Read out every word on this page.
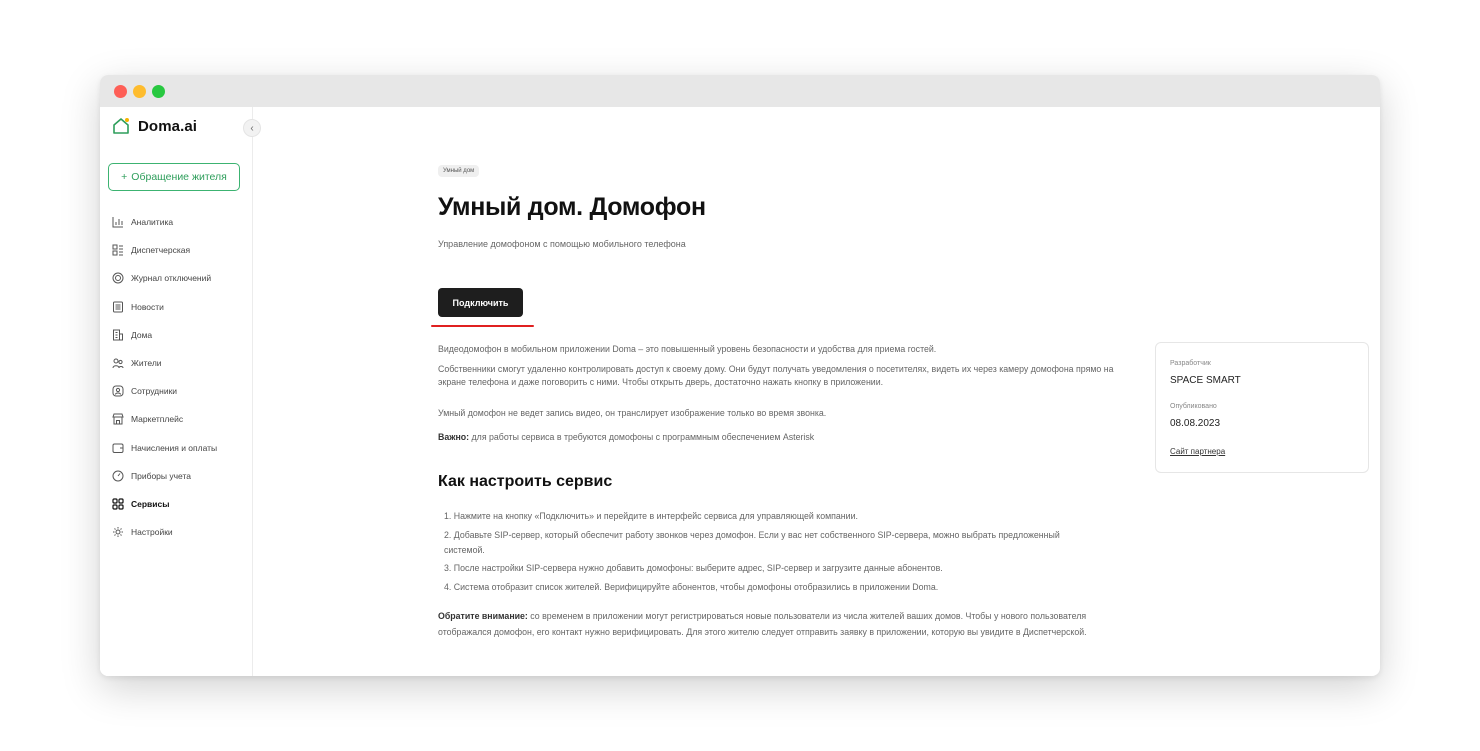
Doma.ai	‹
+ Обращение жителя
Аналитика
Диспетчерская
Журнал отключений
Новости
Дома
Жители
Сотрудники
Маркетплейс
Начисления и оплаты
Приборы учета
Сервисы
Настройки
Умный дом
Умный дом. Домофон
Управление домофоном с помощью мобильного телефона
Подключить

Видеодомофон в мобильном приложении Doma – это повышенный уровень безопасности и удобства для приема гостей.

Собственники смогут удаленно контролировать доступ к своему дому. Они будут получать уведомления о посетителях, видеть их через камеру домофона прямо на экране телефона и даже поговорить с ними. Чтобы открыть дверь, достаточно нажать кнопку в приложении.

Умный домофон не ведет запись видео, он транслирует изображение только во время звонка.

Важно: для работы сервиса в требуются домофоны с программным обеспечением Asterisk

Как настроить сервис
1. Нажмите на кнопку «Подключить» и перейдите в интерфейс сервиса для управляющей компании.
2. Добавьте SIP-сервер, который обеспечит работу звонков через домофон. Если у вас нет собственного SIP-сервера, можно выбрать предложенный системой.
3. После настройки SIP-сервера нужно добавить домофоны: выберите адрес, SIP-сервер и загрузите данные абонентов.
4. Система отобразит список жителей. Верифицируйте абонентов, чтобы домофоны отобразились в приложении Doma.

Обратите внимание: со временем в приложении могут регистрироваться новые пользователи из числа жителей ваших домов. Чтобы у нового пользователя отображался домофон, его контакт нужно верифицировать. Для этого жителю следует отправить заявку в приложении, которую вы увидите в Диспетчерской.

Разработчик
SPACE SMART
Опубликовано
08.08.2023
Сайт партнера
